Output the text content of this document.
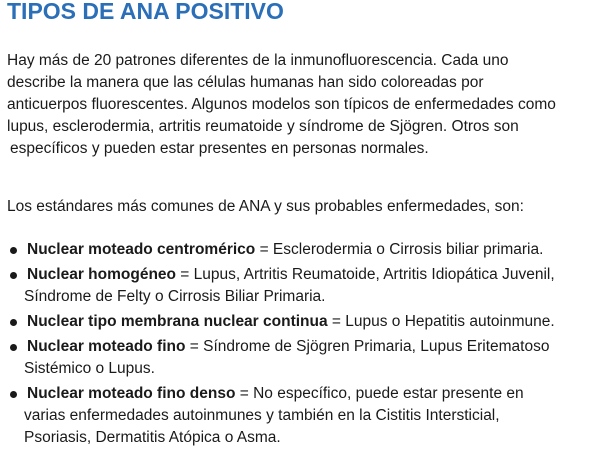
TIPOS DE ANA POSITIVO

Hay más de 20 patrones diferentes de la inmunofluorescencia. Cada uno
describe la manera que las células humanas han sido coloreadas por
anticuerpos fluorescentes. Algunos modelos son típicos de enfermedades como
lupus, esclerodermia, artritis reumatoide y síndrome de Sjögren. Otros son
específicos y pueden estar presentes en personas normales.

Los estándares más comunes de ANA y sus probables enfermedades, son:

Nuclear moteado centromérico = Esclerodermia o Cirrosis biliar primaria.
Nuclear homogéneo = Lupus, Artritis Reumatoide, Artritis Idiopática Juvenil,
Síndrome de Felty o Cirrosis Biliar Primaria.
Nuclear tipo membrana nuclear continua = Lupus o Hepatitis autoinmune.
Nuclear moteado fino = Síndrome de Sjögren Primaria, Lupus Eritematoso
Sistémico o Lupus.
Nuclear moteado fino denso = No específico, puede estar presente en
varias enfermedades autoinmunes y también en la Cistitis Intersticial,
Psoriasis, Dermatitis Atópica o Asma.
